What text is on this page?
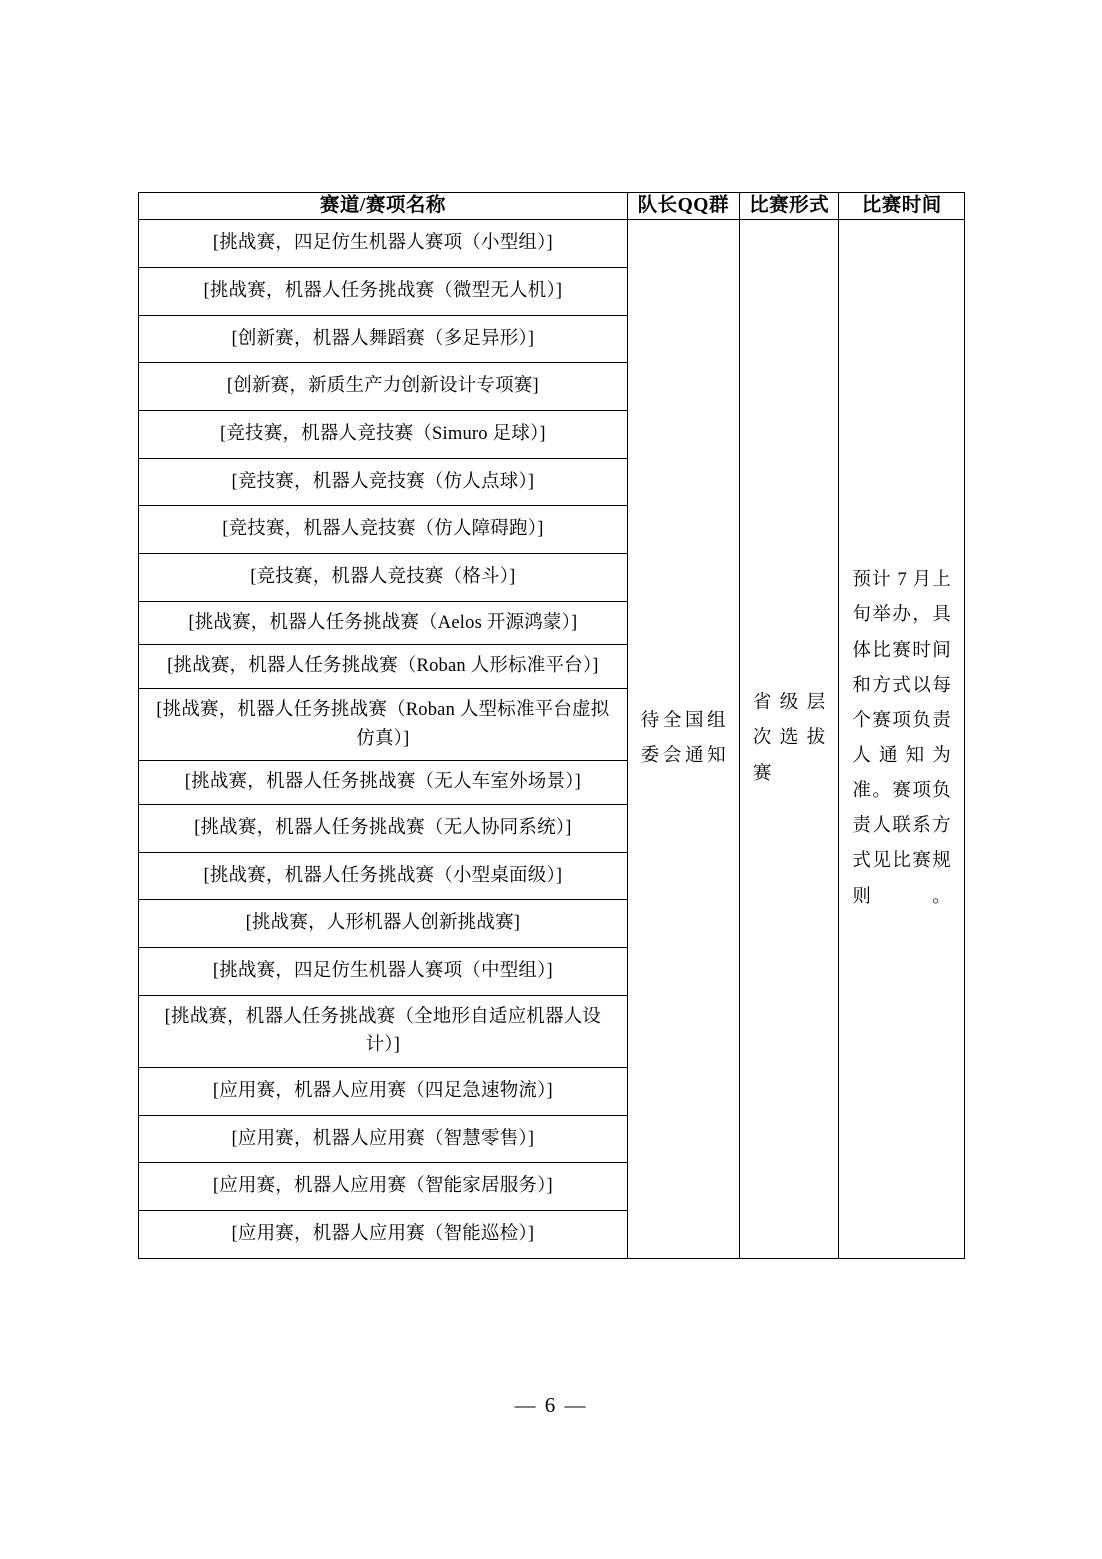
赛道/赛项名称	队长QQ群	比赛形式	比赛时间
[挑战赛，四足仿生机器人赛项（小型组）]	待全国组委会通知	省级层次选拔赛	预计 7 月上旬举办，具体比赛时间和方式以每个赛项负责人通知为准。赛项负责人联系方式见比赛规则。
[挑战赛，机器人任务挑战赛（微型无人机）]			
[创新赛，机器人舞蹈赛（多足异形）]			
[创新赛，新质生产力创新设计专项赛]			
[竞技赛，机器人竞技赛（Simuro 足球）]			
[竞技赛，机器人竞技赛（仿人点球）]			
[竞技赛，机器人竞技赛（仿人障碍跑）]			
[竞技赛，机器人竞技赛（格斗）]			
[挑战赛，机器人任务挑战赛（Aelos 开源鸿蒙）]			
[挑战赛，机器人任务挑战赛（Roban 人形标准平台）]			
[挑战赛，机器人任务挑战赛（Roban 人型标准平台虚拟仿真）]			
[挑战赛，机器人任务挑战赛（无人车室外场景）]			
[挑战赛，机器人任务挑战赛（无人协同系统）]			
[挑战赛，机器人任务挑战赛（小型桌面级）]			
[挑战赛，人形机器人创新挑战赛]			
[挑战赛，四足仿生机器人赛项（中型组）]			
[挑战赛，机器人任务挑战赛（全地形自适应机器人设计）]			
[应用赛，机器人应用赛（四足急速物流）]			
[应用赛，机器人应用赛（智慧零售）]			
[应用赛，机器人应用赛（智能家居服务）]			
[应用赛，机器人应用赛（智能巡检）]			
— 6 —
